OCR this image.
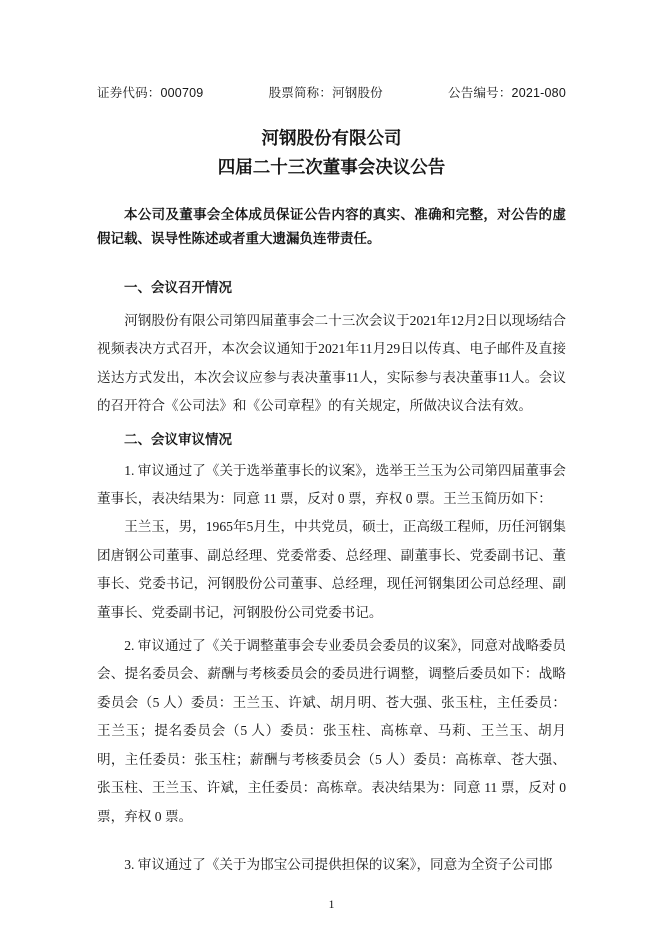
证券代码：000709	股票简称：河钢股份	公告编号：2021-080
河钢股份有限公司
四届二十三次董事会决议公告

本公司及董事会全体成员保证公告内容的真实、准确和完整，对公告的虚假记载、误导性陈述或者重大遗漏负连带责任。

一、会议召开情况

河钢股份有限公司第四届董事会二十三次会议于2021年12月2日以现场结合视频表决方式召开，本次会议通知于2021年11月29日以传真、电子邮件及直接送达方式发出，本次会议应参与表决董事11人，实际参与表决董事11人。会议的召开符合《公司法》和《公司章程》的有关规定，所做决议合法有效。

二、会议审议情况

1. 审议通过了《关于选举董事长的议案》，选举王兰玉为公司第四届董事会董事长，表决结果为：同意 11 票，反对 0 票，弃权 0 票。王兰玉简历如下：

王兰玉，男，1965年5月生，中共党员，硕士，正高级工程师，历任河钢集团唐钢公司董事、副总经理、党委常委、总经理、副董事长、党委副书记、董事长、党委书记，河钢股份公司董事、总经理，现任河钢集团公司总经理、副董事长、党委副书记，河钢股份公司党委书记。

2. 审议通过了《关于调整董事会专业委员会委员的议案》，同意对战略委员会、提名委员会、薪酬与考核委员会的委员进行调整，调整后委员如下：战略委员会（5 人）委员：王兰玉、许斌、胡月明、苍大强、张玉柱，主任委员：王兰玉；提名委员会（5 人）委员：张玉柱、高栋章、马莉、王兰玉、胡月明，主任委员：张玉柱；薪酬与考核委员会（5 人）委员：高栋章、苍大强、张玉柱、王兰玉、许斌，主任委员：高栋章。表决结果为：同意 11 票，反对 0 票，弃权 0 票。

3. 审议通过了《关于为邯宝公司提供担保的议案》，同意为全资子公司邯

1
